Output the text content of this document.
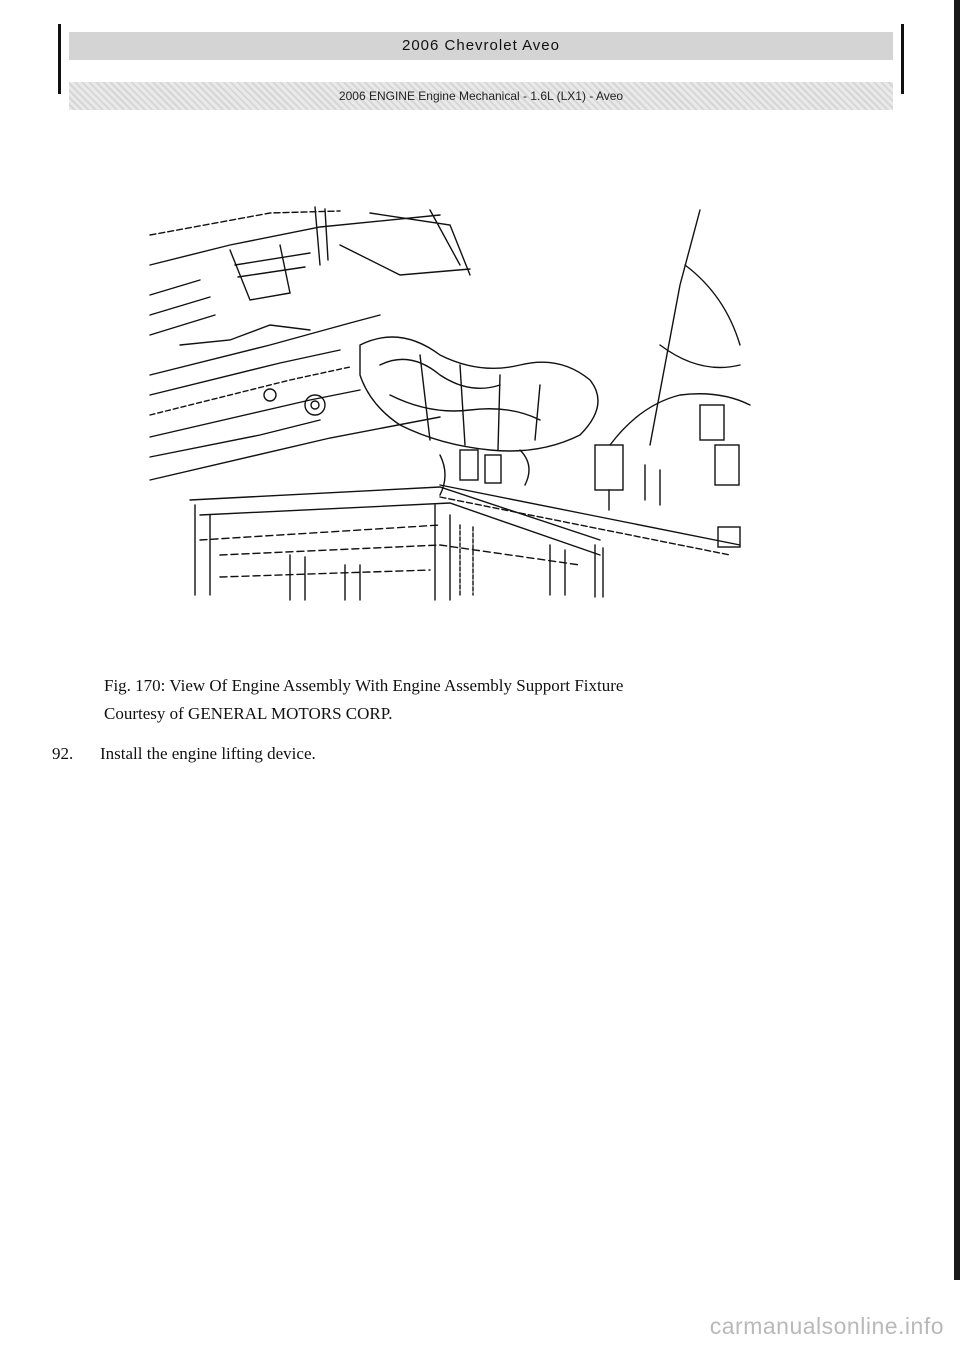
2006 Chevrolet Aveo
2006 ENGINE Engine Mechanical - 1.6L (LX1) - Aveo
Fig. 170: View Of Engine Assembly With Engine Assembly Support Fixture
Courtesy of GENERAL MOTORS CORP.
92. Install the engine lifting device.
carmanualsonline.info
